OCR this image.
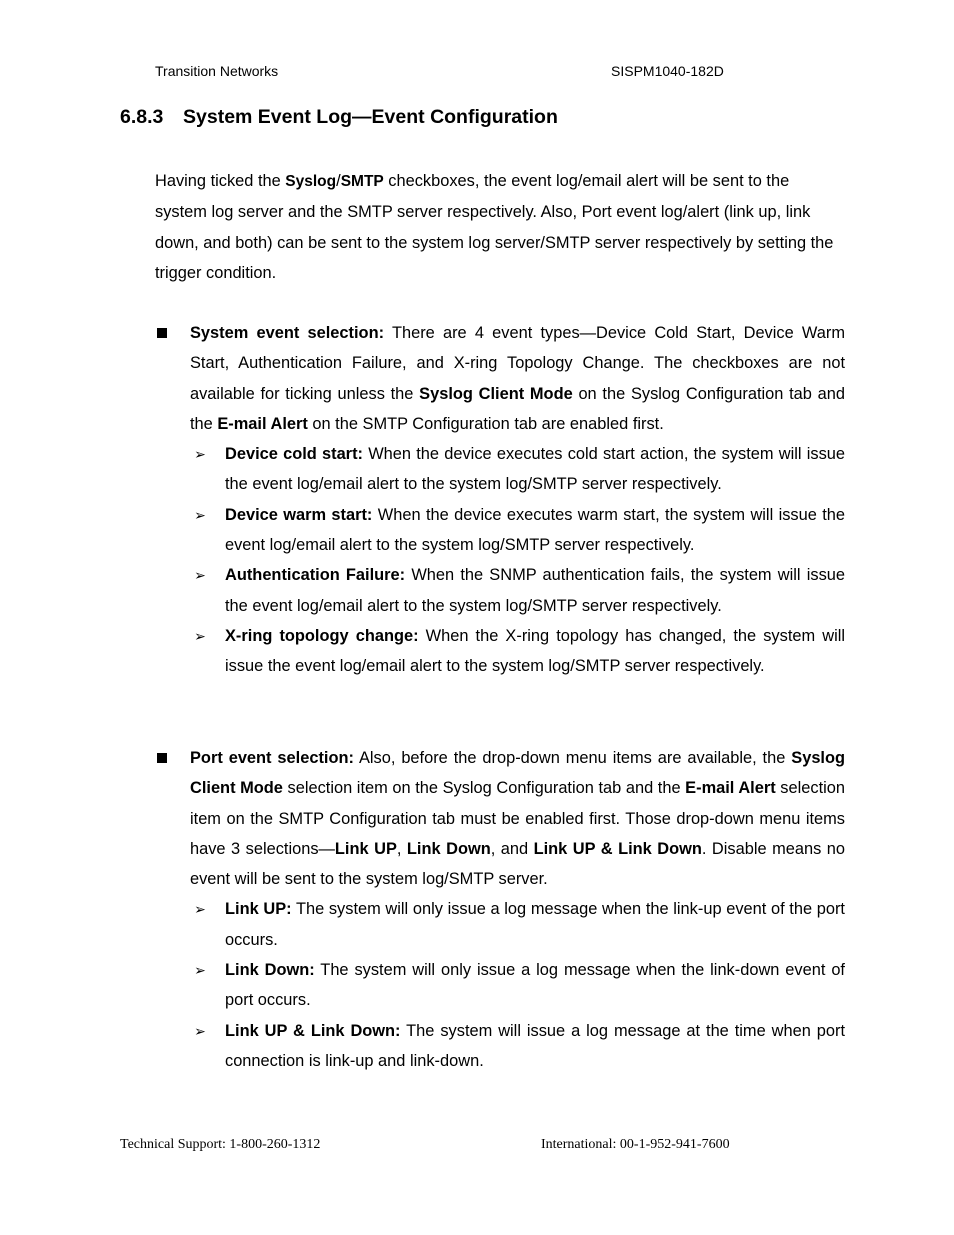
Transition Networks	SISPM1040-182D
6.8.3 System Event Log—Event Configuration
Having ticked the Syslog/SMTP checkboxes, the event log/email alert will be sent to the system log server and the SMTP server respectively. Also, Port event log/alert (link up, link down, and both) can be sent to the system log server/SMTP server respectively by setting the trigger condition.
System event selection: There are 4 event types—Device Cold Start, Device Warm Start, Authentication Failure, and X-ring Topology Change. The checkboxes are not available for ticking unless the Syslog Client Mode on the Syslog Configuration tab and the E-mail Alert on the SMTP Configuration tab are enabled first.
➢ Device cold start: When the device executes cold start action, the system will issue the event log/email alert to the system log/SMTP server respectively.
➢ Device warm start: When the device executes warm start, the system will issue the event log/email alert to the system log/SMTP server respectively.
➢ Authentication Failure: When the SNMP authentication fails, the system will issue the event log/email alert to the system log/SMTP server respectively.
➢ X-ring topology change: When the X-ring topology has changed, the system will issue the event log/email alert to the system log/SMTP server respectively.
Port event selection: Also, before the drop-down menu items are available, the Syslog Client Mode selection item on the Syslog Configuration tab and the E-mail Alert selection item on the SMTP Configuration tab must be enabled first. Those drop-down menu items have 3 selections—Link UP, Link Down, and Link UP & Link Down. Disable means no event will be sent to the system log/SMTP server.
➢ Link UP: The system will only issue a log message when the link-up event of the port occurs.
➢ Link Down: The system will only issue a log message when the link-down event of port occurs.
➢ Link UP & Link Down: The system will issue a log message at the time when port connection is link-up and link-down.
Technical Support: 1-800-260-1312	International: 00-1-952-941-7600
